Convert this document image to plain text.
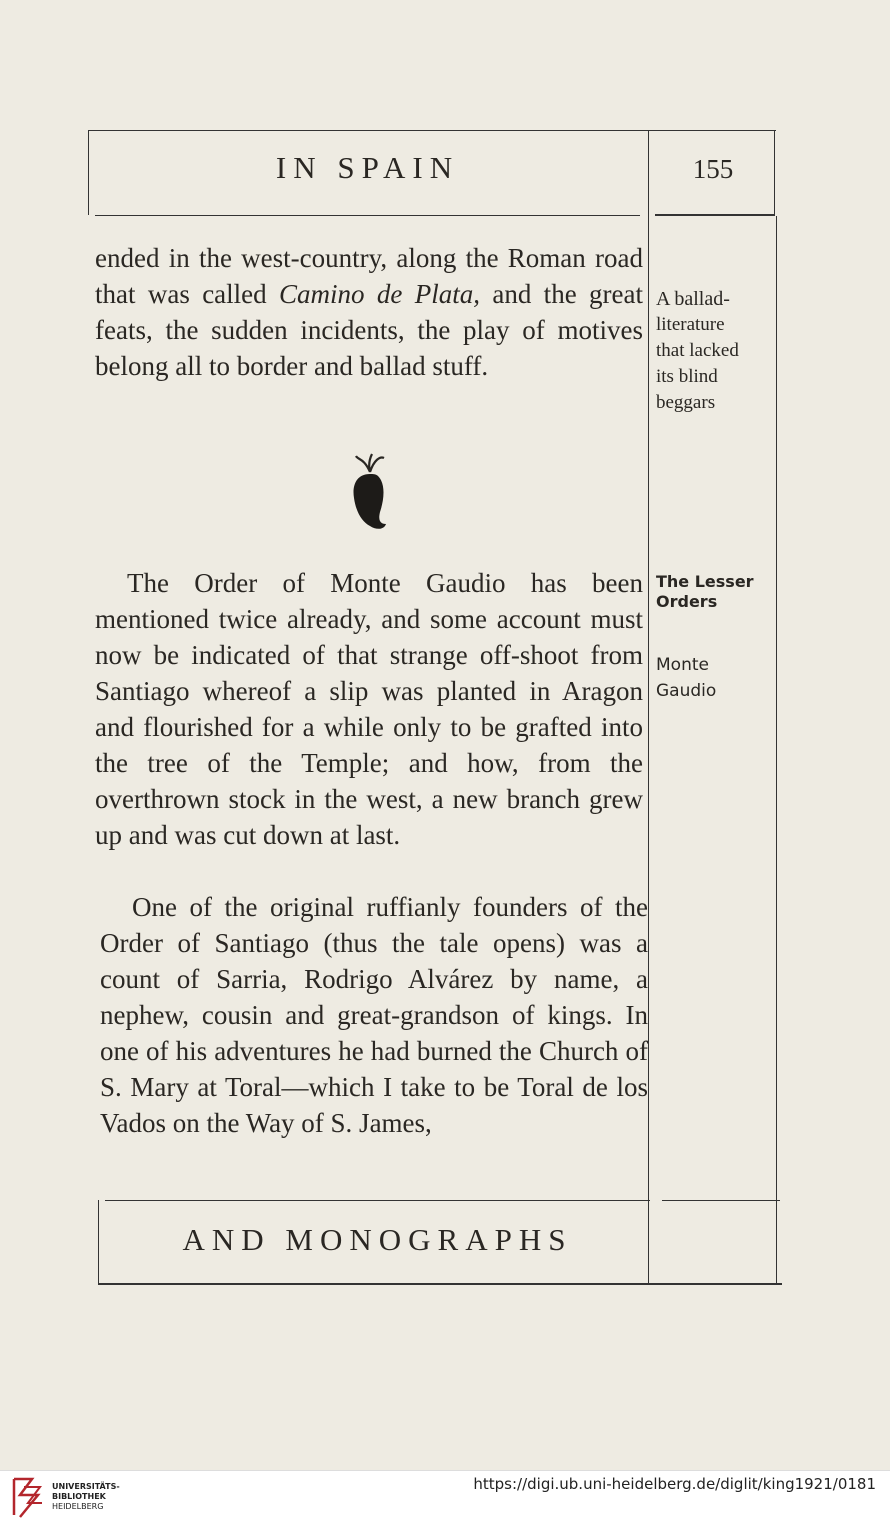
IN SPAIN	155

ended in the west-country, along the Roman road that was called Camino de Plata, and the great feats, the sudden incidents, the play of motives belong all to border and ballad stuff.

The Order of Monte Gaudio has been mentioned twice already, and some account must now be indicated of that strange off-shoot from Santiago whereof a slip was planted in Aragon and flourished for a while only to be grafted into the tree of the Temple; and how, from the overthrown stock in the west, a new branch grew up and was cut down at last.

One of the original ruffianly founders of the Order of Santiago (thus the tale opens) was a count of Sarria, Rodrigo Alvárez by name, a nephew, cousin and great-grandson of kings. In one of his adventures he had burned the Church of S. Mary at Toral—which I take to be Toral de los Vados on the Way of S. James,

A ballad-
literature
that lacked
its blind
beggars
The Lesser
Orders
Monte
Gaudio
AND MONOGRAPHS
UNIVERSITÄTS-
BIBLIOTHEK
HEIDELBERG
https://digi.ub.uni-heidelberg.de/diglit/king1921/0181
